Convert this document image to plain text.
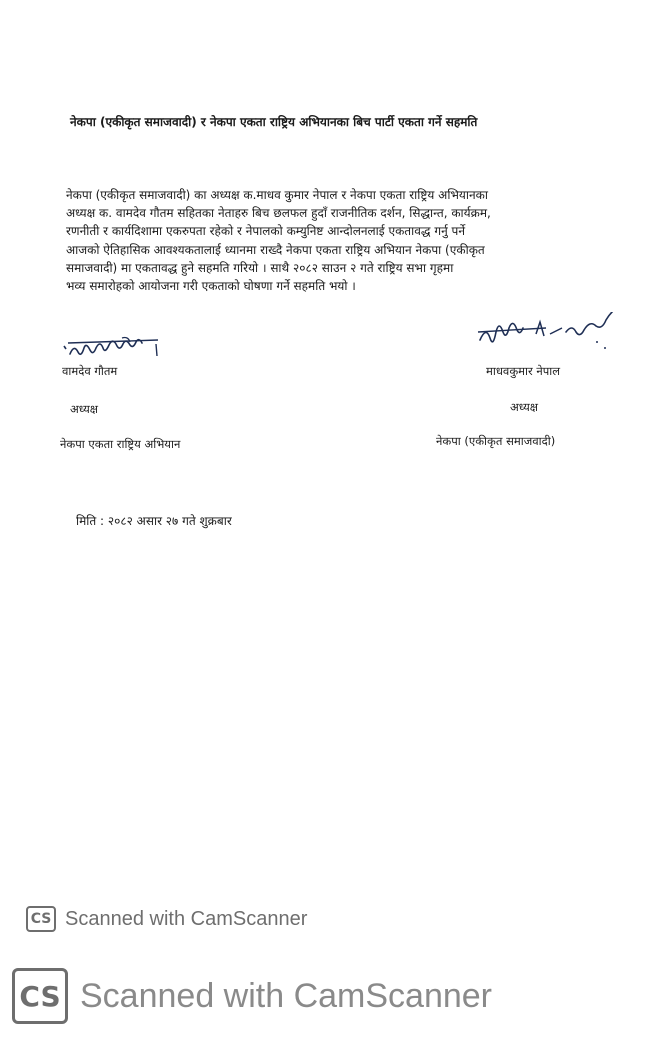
नेकपा (एकीकृत समाजवादी) र नेकपा एकता राष्ट्रिय अभियानका बिच पार्टी एकता गर्ने सहमति
नेकपा (एकीकृत समाजवादी) का अध्यक्ष क.माधव कुमार नेपाल र नेकपा एकता राष्ट्रिय अभियानका
अध्यक्ष क. वामदेव गौतम सहितका नेताहरु बिच छलफल हुदाँ राजनीतिक दर्शन, सिद्धान्त, कार्यक्रम,
रणनीती र कार्यदिशामा एकरुपता रहेको र नेपालको कम्युनिष्ट आन्दोलनलाई एकतावद्ध गर्नु पर्ने
आजको ऐतिहासिक आवश्यकतालाई ध्यानमा राख्दै नेकपा एकता राष्ट्रिय अभियान नेकपा (एकीकृत
समाजवादी) मा एकतावद्ध हुने सहमति गरियो । साथै २०८२ साउन २ गते राष्ट्रिय सभा गृहमा
भव्य समारोहको आयोजना गरी एकताको घोषणा गर्ने सहमति भयो ।
वामदेव गौतम
अध्यक्ष
नेकपा एकता राष्ट्रिय अभियान
माधवकुमार नेपाल
अध्यक्ष
नेकपा (एकीकृत समाजवादी)
मिति : २०८२ असार २७ गते शुक्रबार
CS Scanned with CamScanner
CS Scanned with CamScanner
